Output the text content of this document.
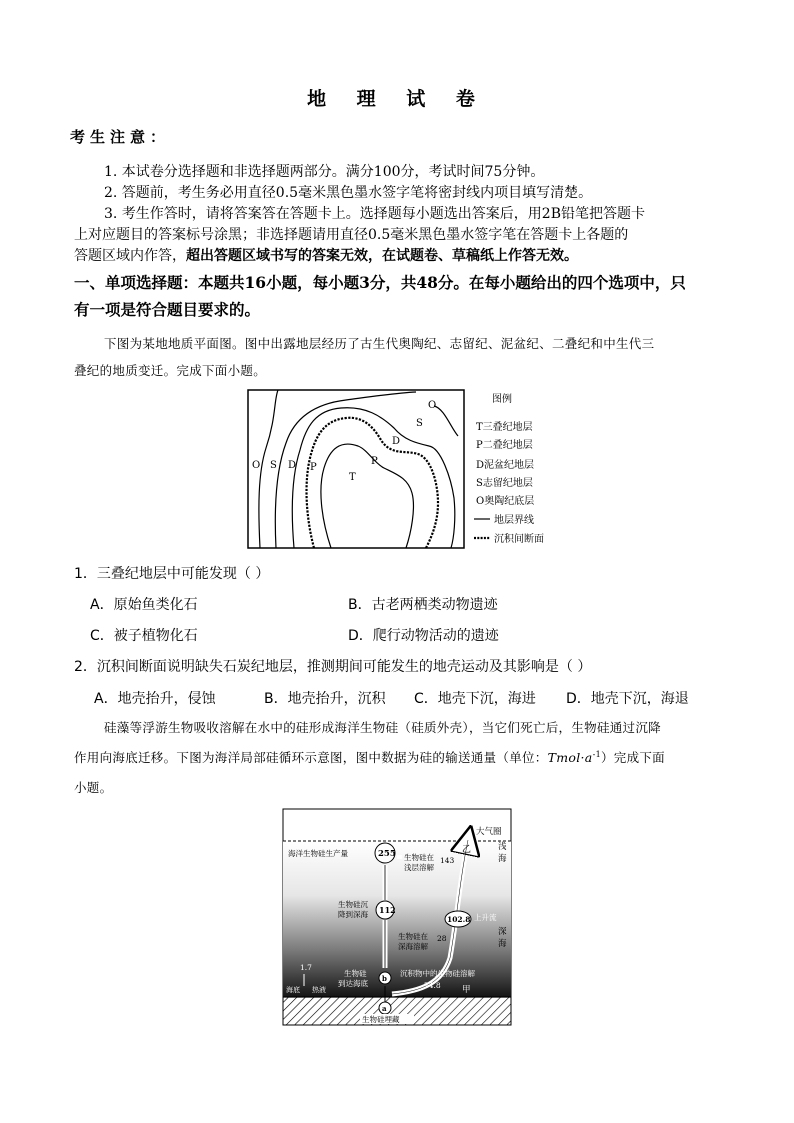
地 理 试 卷
考生注意：
1. 本试卷分选择题和非选择题两部分。满分100分，考试时间75分钟。
2. 答题前，考生务必用直径0.5毫米黑色墨水签字笔将密封线内项目填写清楚。
3. 考生作答时，请将答案答在答题卡上。选择题每小题选出答案后，用2B铅笔把答题卡
上对应题目的答案标号涂黑；非选择题请用直径0.5毫米黑色墨水签字笔在答题卡上各题的
答题区域内作答，超出答题区域书写的答案无效，在试题卷、草稿纸上作答无效。
一、单项选择题：本题共16小题，每小题3分，共48分。在每小题给出的四个选项中，只
有一项是符合题目要求的。
下图为某地地质平面图。图中出露地层经历了古生代奥陶纪、志留纪、泥盆纪、二叠纪和中生代三
叠纪的地质变迁。完成下面小题。
O
S
D
P
T
O S D P
图例
T三叠纪地层
P二叠纪地层
D泥盆纪地层
S志留纪地层
O奥陶纪底层
地层界线
沉积间断面
1．三叠纪地层中可能发现（ ）
A．原始鱼类化石	B．古老两栖类动物遗迹
C．被子植物化石	D．爬行动物活动的遗迹
2．沉积间断面说明缺失石炭纪地层，推测期间可能发生的地壳运动及其影响是（ ）
A．地壳抬升，侵蚀	B．地壳抬升，沉积 C．地壳下沉，海进 D．地壳下沉，海退
硅藻等浮游生物吸收溶解在水中的硅形成海洋生物硅（硅质外壳），当它们死亡后，生物硅通过沉降
作用向海底迁移。下图为海洋局部硅循环示意图，图中数据为硅的输送通量（单位：$Tmol\cdot a^{-1}$）完成下面
小题。
大气圈
浅
海
深
海
255
海洋生物硅生产量	生物硅在
浅层溶解
143
112
生物硅沉
降到深海
生物硅在
深海溶解
28
乙
102.8 上升流
b
生物硅
到达海底
沉积物中的生物硅溶解
74.8	甲
1.7
海底 热液
a
生物硅埋藏
